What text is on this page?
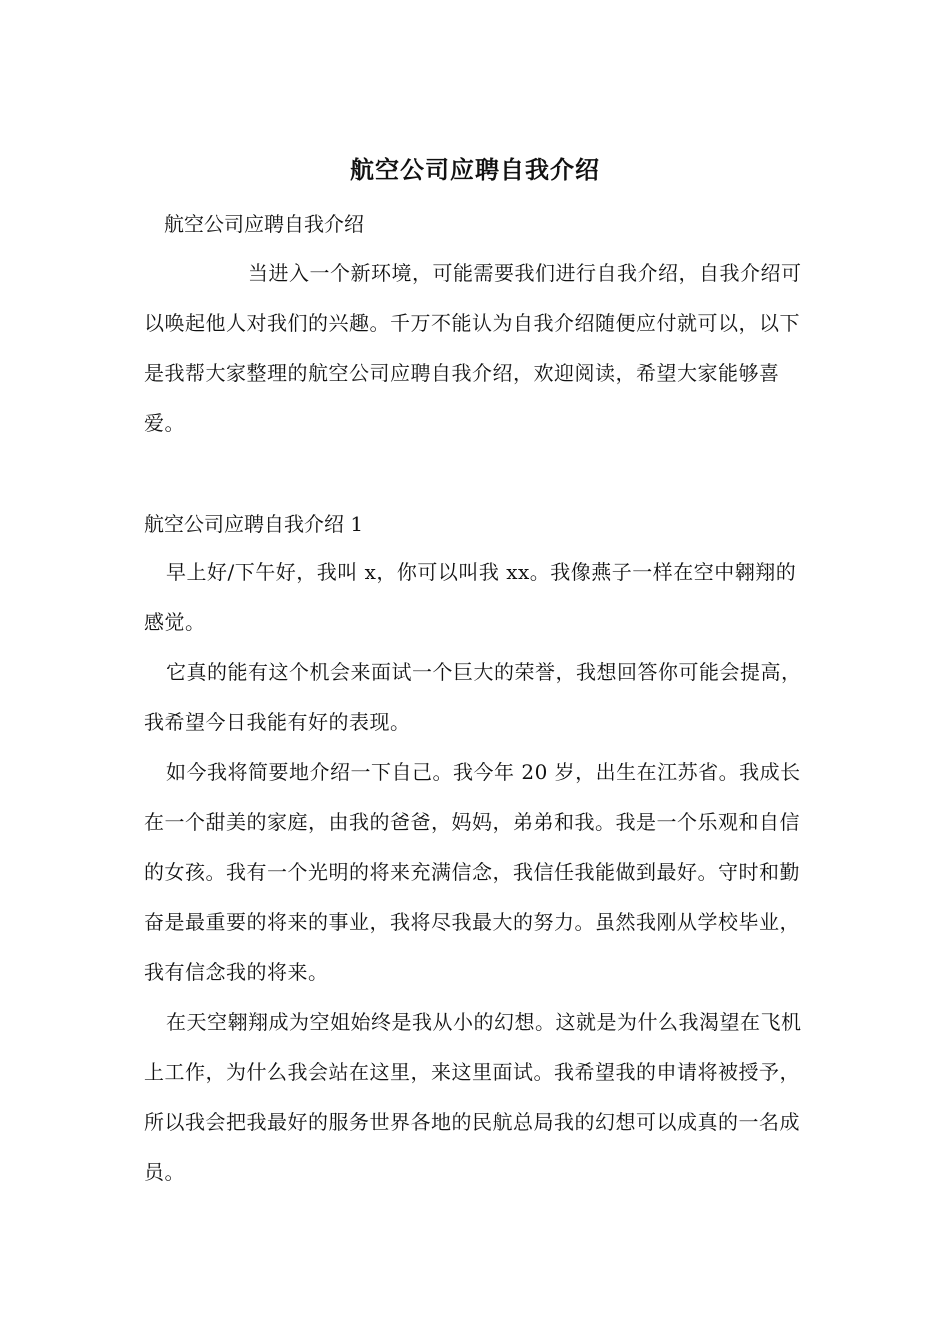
航空公司应聘自我介绍
航空公司应聘自我介绍

当进入一个新环境，可能需要我们进行自我介绍，自我介绍可以唤起他人对我们的兴趣。千万不能认为自我介绍随便应付就可以，以下是我帮大家整理的航空公司应聘自我介绍，欢迎阅读，希望大家能够喜爱。

航空公司应聘自我介绍 1

早上好/下午好，我叫 x，你可以叫我 xx。我像燕子一样在空中翱翔的感觉。

它真的能有这个机会来面试一个巨大的荣誉，我想回答你可能会提高，我希望今日我能有好的表现。

如今我将简要地介绍一下自己。我今年 20 岁，出生在江苏省。我成长在一个甜美的家庭，由我的爸爸，妈妈，弟弟和我。我是一个乐观和自信的女孩。我有一个光明的将来充满信念，我信任我能做到最好。守时和勤奋是最重要的将来的事业，我将尽我最大的努力。虽然我刚从学校毕业，我有信念我的将来。

在天空翱翔成为空姐始终是我从小的幻想。这就是为什么我渴望在飞机上工作，为什么我会站在这里，来这里面试。我希望我的申请将被授予，所以我会把我最好的服务世界各地的民航总局我的幻想可以成真的一名成员。
